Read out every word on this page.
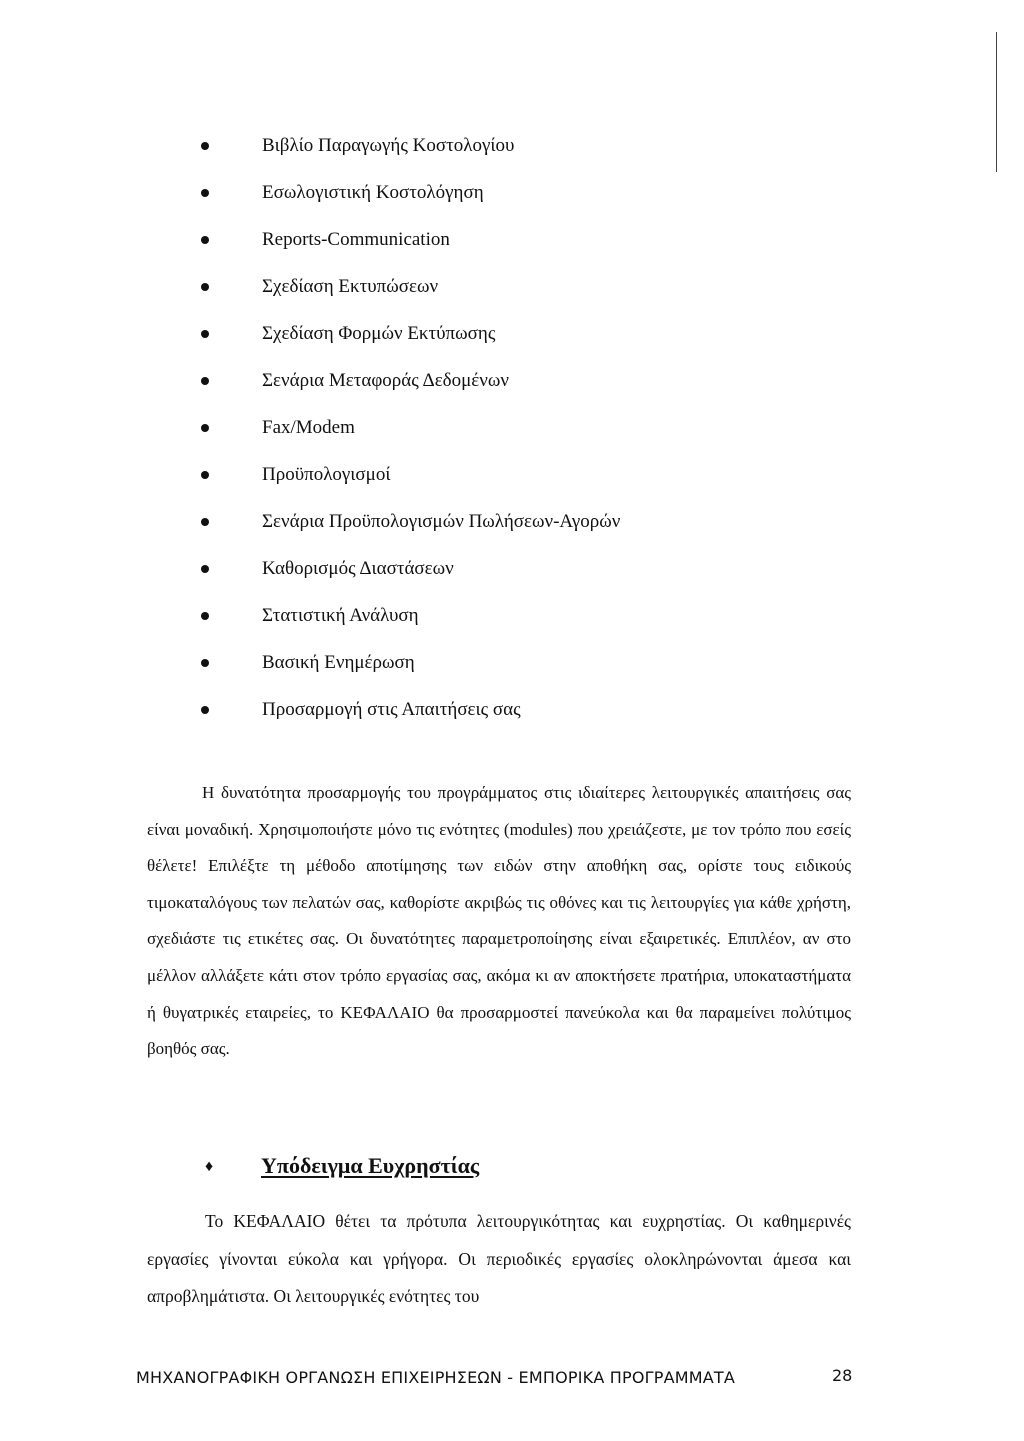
Βιβλίο Παραγωγής Κοστολογίου
Εσωλογιστική Κοστολόγηση
Reports-Communication
Σχεδίαση Εκτυπώσεων
Σχεδίαση Φορμών Εκτύπωσης
Σενάρια Μεταφοράς Δεδομένων
Fax/Modem
Προϋπολογισμοί
Σενάρια Προϋπολογισμών Πωλήσεων-Αγορών
Καθορισμός Διαστάσεων
Στατιστική Ανάλυση
Βασική Ενημέρωση
Προσαρμογή στις Απαιτήσεις σας

Η δυνατότητα προσαρμογής του προγράμματος στις ιδιαίτερες λειτουργικές απαιτήσεις σας είναι μοναδική. Χρησιμοποιήστε μόνο τις ενότητες (modules) που χρειάζεστε, με τον τρόπο που εσείς θέλετε! Επιλέξτε τη μέθοδο αποτίμησης των ειδών στην αποθήκη σας, ορίστε τους ειδικούς τιμοκαταλόγους των πελατών σας, καθορίστε ακριβώς τις οθόνες και τις λειτουργίες για κάθε χρήστη, σχεδιάστε τις ετικέτες σας. Οι δυνατότητες παραμετροποίησης είναι εξαιρετικές. Επιπλέον, αν στο μέλλον αλλάξετε κάτι στον τρόπο εργασίας σας, ακόμα κι αν αποκτήσετε πρατήρια, υποκαταστήματα ή θυγατρικές εταιρείες, το ΚΕΦΑΛΑΙΟ θα προσαρμοστεί πανεύκολα και θα παραμείνει πολύτιμος βοηθός σας.

♦ Υπόδειγμα Ευχρηστίας

Το ΚΕΦΑΛΑΙΟ θέτει τα πρότυπα λειτουργικότητας και ευχρηστίας. Οι καθημερινές εργασίες γίνονται εύκολα και γρήγορα. Οι περιοδικές εργασίες ολοκληρώνονται άμεσα και απροβλημάτιστα. Οι λειτουργικές ενότητες του

ΜΗΧΑΝΟΓΡΑΦΙΚΗ ΟΡΓΑΝΩΣΗ ΕΠΙΧΕΙΡΗΣΕΩΝ - ΕΜΠΟΡΙΚΑ ΠΡΟΓΡΑΜΜΑΤΑ	28
